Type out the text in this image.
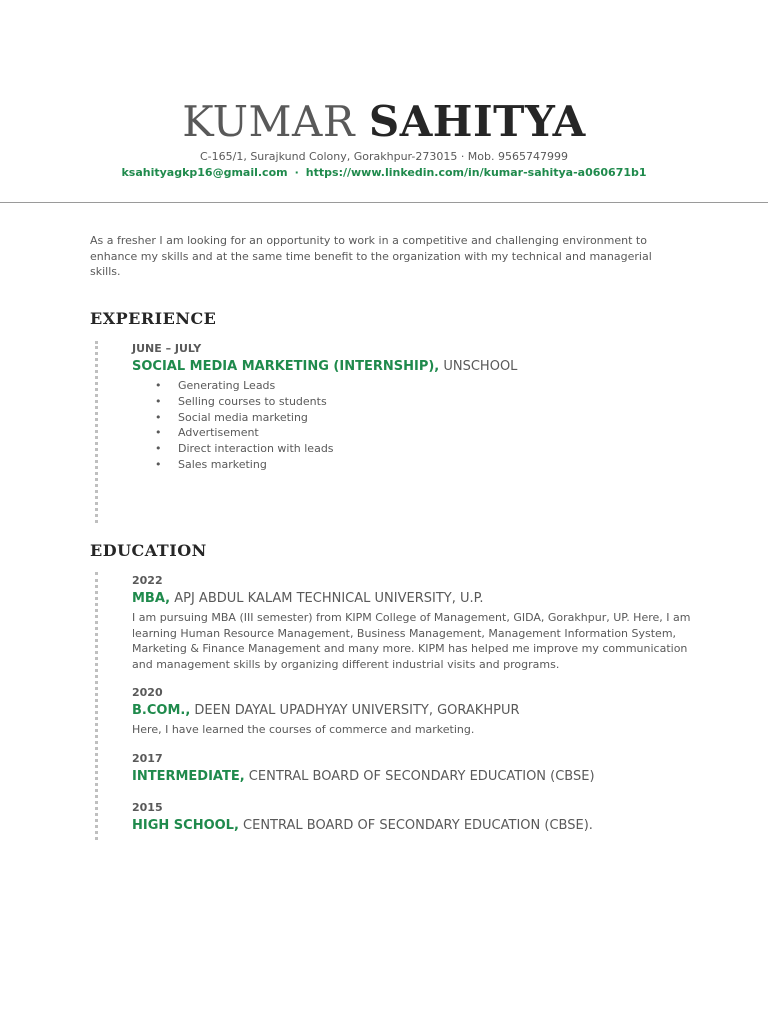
KUMAR SAHITYA
C-165/1, Surajkund Colony, Gorakhpur-273015 · Mob. 9565747999
ksahityagkp16@gmail.com · https://www.linkedin.com/in/kumar-sahitya-a060671b1
As a fresher I am looking for an opportunity to work in a competitive and challenging environment to enhance my skills and at the same time benefit to the organization with my technical and managerial skills.
EXPERIENCE
JUNE – JULY
SOCIAL MEDIA MARKETING (INTERNSHIP), UNSCHOOL
• Generating Leads
• Selling courses to students
• Social media marketing
• Advertisement
• Direct interaction with leads
• Sales marketing
EDUCATION
2022
MBA, APJ ABDUL KALAM TECHNICAL UNIVERSITY, U.P.
I am pursuing MBA (III semester) from KIPM College of Management, GIDA, Gorakhpur, UP. Here, I am learning Human Resource Management, Business Management, Management Information System, Marketing & Finance Management and many more. KIPM has helped me improve my communication and management skills by organizing different industrial visits and programs.
2020
B.COM., DEEN DAYAL UPADHYAY UNIVERSITY, GORAKHPUR
Here, I have learned the courses of commerce and marketing.
2017
INTERMEDIATE, CENTRAL BOARD OF SECONDARY EDUCATION (CBSE)
2015
HIGH SCHOOL, CENTRAL BOARD OF SECONDARY EDUCATION (CBSE).
